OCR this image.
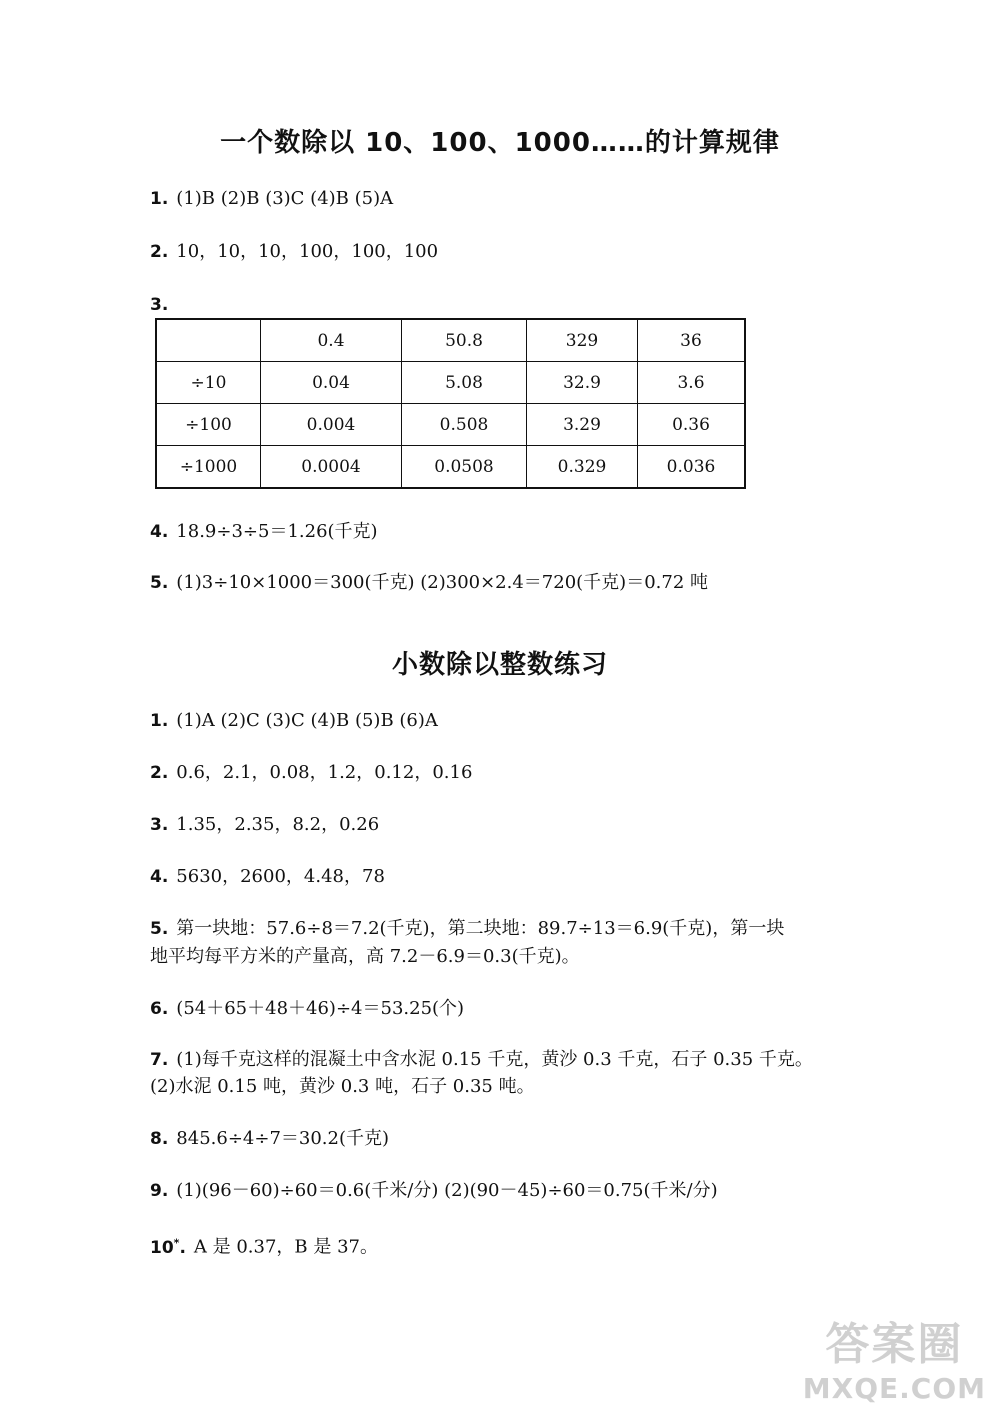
一个数除以 10、100、1000……的计算规律
1. (1)B (2)B (3)C (4)B (5)A
2. 10，10，10，100，100，100
3.
	0.4	50.8	329	36
÷10	0.04	5.08	32.9	3.6
÷100	0.004	0.508	3.29	0.36
÷1000	0.0004	0.0508	0.329	0.036
4. 18.9÷3÷5＝1.26(千克)
5. (1)3÷10×1000＝300(千克) (2)300×2.4＝720(千克)＝0.72 吨
小数除以整数练习
1. (1)A (2)C (3)C (4)B (5)B (6)A
2. 0.6，2.1，0.08，1.2，0.12，0.16
3. 1.35，2.35，8.2，0.26
4. 5630，2600，4.48，78
5. 第一块地：57.6÷8＝7.2(千克)，第二块地：89.7÷13＝6.9(千克)，第一块
地平均每平方米的产量高，高 7.2－6.9＝0.3(千克)。
6. (54＋65＋48＋46)÷4＝53.25(个)
7. (1)每千克这样的混凝土中含水泥 0.15 千克，黄沙 0.3 千克，石子 0.35 千克。
(2)水泥 0.15 吨，黄沙 0.3 吨，石子 0.35 吨。
8. 845.6÷4÷7＝30.2(千克)
9. (1)(96－60)÷60＝0.6(千米/分) (2)(90－45)÷60＝0.75(千米/分)
10*. A 是 0.37，B 是 37。
答案圈
MXQE.COM
